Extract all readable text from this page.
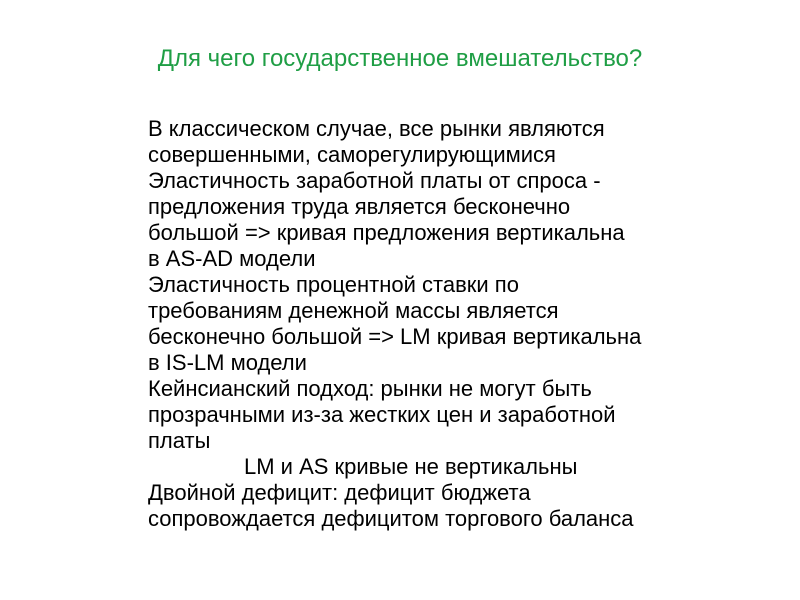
Для чего государственное вмешательство?
В классическом случае, все рынки являются
совершенными, саморегулирующимися
Эластичность заработной платы от спроса -
предложения труда является бесконечно
большой => кривая предложения вертикальна
в AS-AD модели
Эластичность процентной ставки по
требованиям денежной массы является
бесконечно большой => LM кривая вертикальна
в IS-LM модели
Кейнсианский подход: рынки не могут быть
прозрачными из-за жестких цен и заработной
платы
LM и AS кривые не вертикальны
Двойной дефицит: дефицит бюджета
сопровождается дефицитом торгового баланса
